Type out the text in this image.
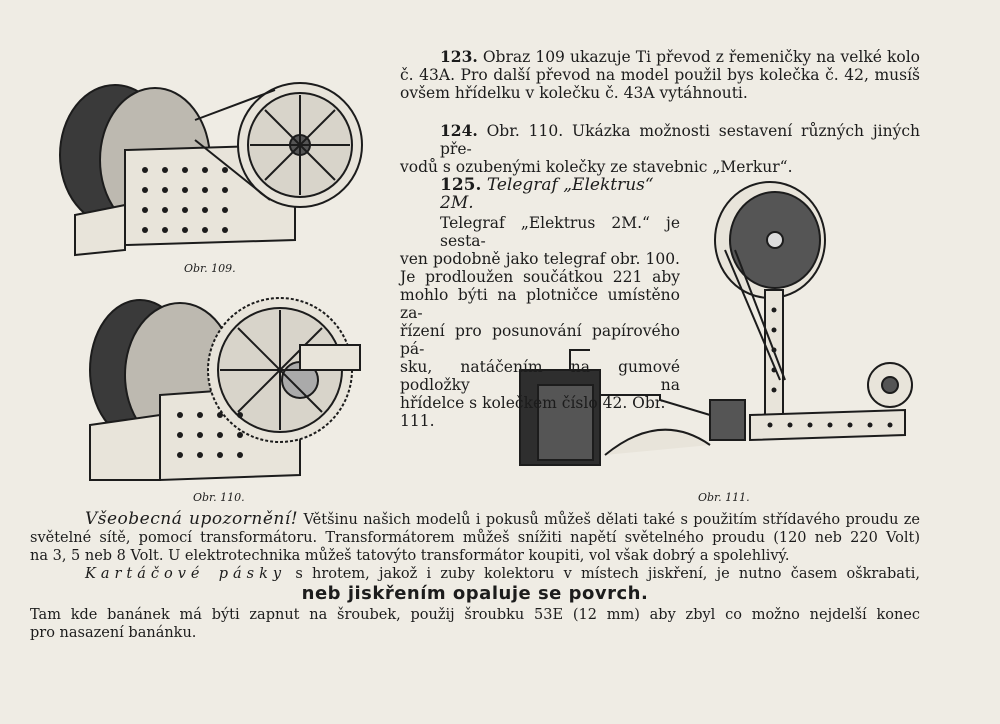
Obr. 109.
Obr. 110.	Obr. 111.

123. Obraz 109 ukazuje Ti převod z řemeničky na velké kolo

č. 43A. Pro další převod na model použil bys kolečka č. 42, musíš

ovšem hřídelku v kolečku č. 43A vytáhnouti.

124. Obr. 110. Ukázka možnosti sestavení různých jiných pře-

vodů s ozubenými kolečky ze stavebnic „Merkur“.

125. Telegraf „Elektrus“ 2M.

Telegraf „Elektrus 2M.“ je sesta-

ven podobně jako telegraf obr. 100.

Je prodloužen součátkou 221 aby

mohlo býti na plotničce umístěno za-

řízení pro posunování papírového pá-

sku, natáčením na gumové podložky na

hřídelce s kolečkem číslo 42. Obr. 111.

Všeobecná upozornění! Většinu našich modelů i pokusů můžeš dělati také s použitím střídavého proudu ze

světelné sítě, pomocí transformátoru. Transformátorem můžeš snížiti napětí světelného proudu (120 neb 220 Volt)

na 3, 5 neb 8 Volt. U elektrotechnika můžeš tatovýto transformátor koupiti, vol však dobrý a spolehlivý.

Kartáčové pásky s hrotem, jakož i zuby kolektoru v místech jiskření, je nutno časem oškrabati,

neb jiskřením opaluje se povrch.

Tam kde banánek má býti zapnut na šroubek, použij šroubku 53E (12 mm) aby zbyl co možno nejdelší konec

pro nasazení banánku.
